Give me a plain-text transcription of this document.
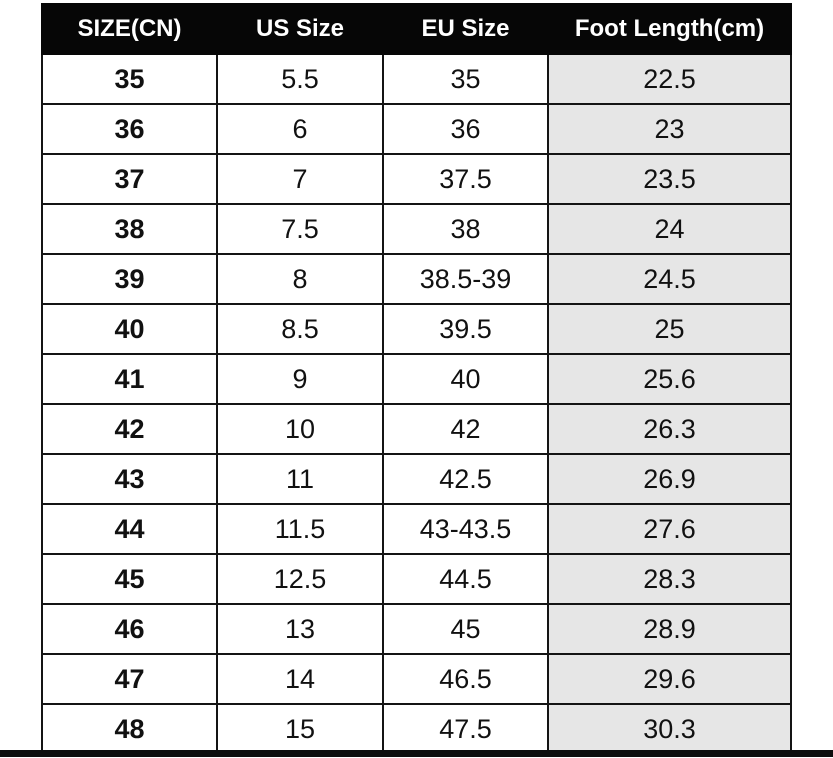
SIZE(CN)	US Size	EU Size	Foot Length(cm)
35	5.5	35	22.5
36	6	36	23
37	7	37.5	23.5
38	7.5	38	24
39	8	38.5-39	24.5
40	8.5	39.5	25
41	9	40	25.6
42	10	42	26.3
43	11	42.5	26.9
44	11.5	43-43.5	27.6
45	12.5	44.5	28.3
46	13	45	28.9
47	14	46.5	29.6
48	15	47.5	30.3
